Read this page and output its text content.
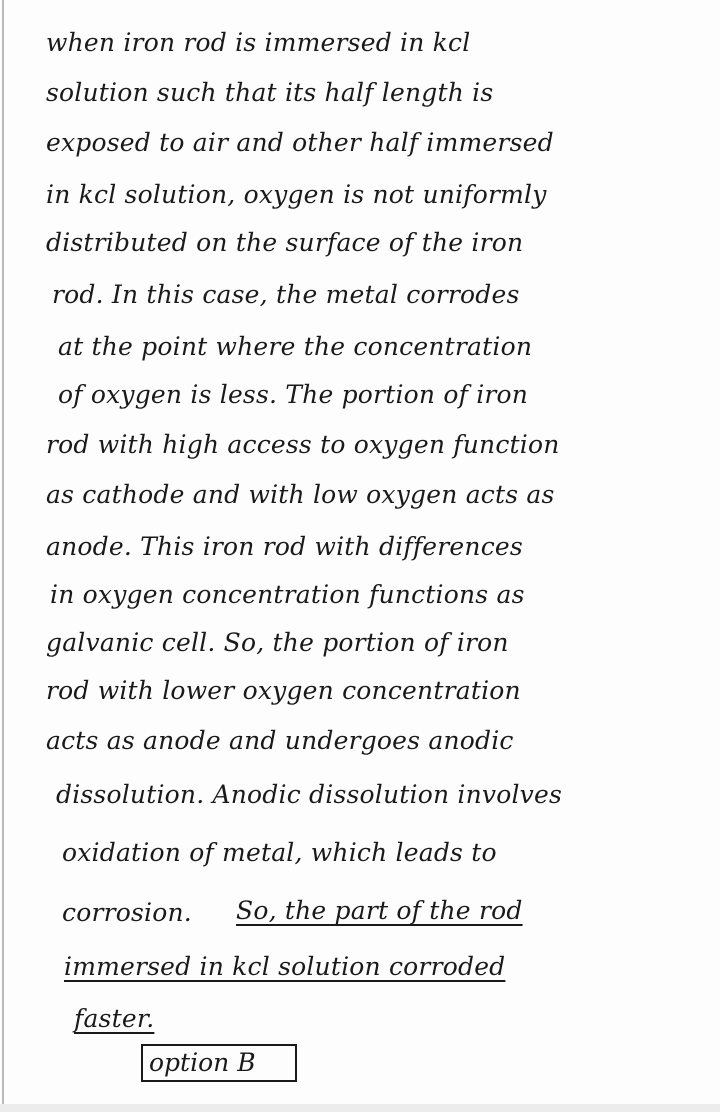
when iron rod is immersed in kcl
solution such that its half length is
exposed to air and other half immersed
in kcl solution, oxygen is not uniformly
distributed on the surface of the iron
rod. In this case, the metal corrodes
at the point where the concentration
of oxygen is less. The portion of iron
rod with high access to oxygen function
as cathode and with low oxygen acts as
anode. This iron rod with differences
in oxygen concentration functions as
galvanic cell. So, the portion of iron
rod with lower oxygen concentration
acts as anode and undergoes anodic
dissolution. Anodic dissolution involves
oxidation of metal, which leads to
corrosion. So, the part of the rod
immersed in kcl solution corroded
faster.
option B
